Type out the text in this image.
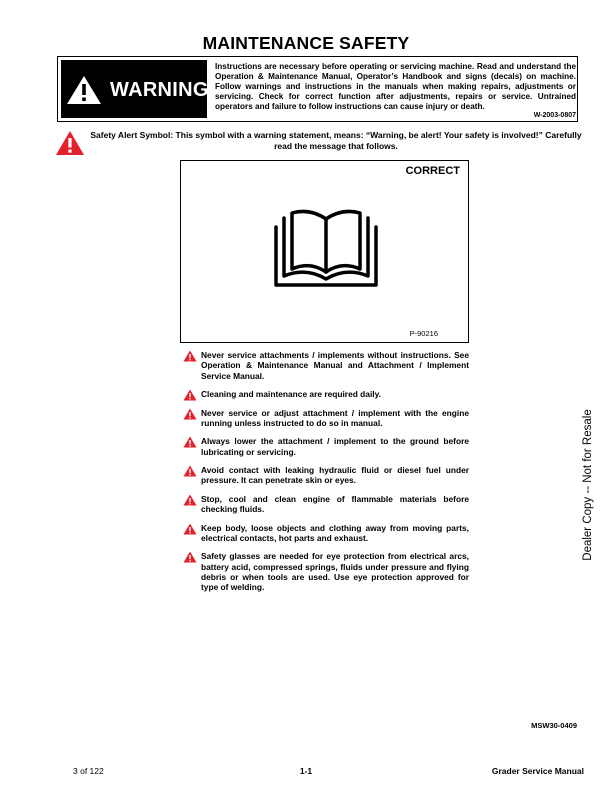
MAINTENANCE SAFETY
WARNING
Instructions are necessary before operating or servicing machine. Read and understand the Operation & Maintenance Manual, Operator’s Handbook and signs (decals) on machine. Follow warnings and instructions in the manuals when making repairs, adjustments or servicing. Check for correct function after adjustments, repairs or service. Untrained operators and failure to follow instructions can cause injury or death.
W-2003-0807
Safety Alert Symbol: This symbol with a warning statement, means: “Warning, be alert! Your safety is involved!” Carefully read the message that follows.
CORRECT
P-90216
Never service attachments / implements without instructions. See Operation & Maintenance Manual and Attachment / Implement Service Manual.
Cleaning and maintenance are required daily.
Never service or adjust attachment / implement with the engine running unless instructed to do so in manual.
Always lower the attachment / implement to the ground before lubricating or servicing.
Avoid contact with leaking hydraulic fluid or diesel fuel under pressure. It can penetrate skin or eyes.
Stop, cool and clean engine of flammable materials before checking fluids.
Keep body, loose objects and clothing away from moving parts, electrical contacts, hot parts and exhaust.
Safety glasses are needed for eye protection from electrical arcs, battery acid, compressed springs, fluids under pressure and flying debris or when tools are used. Use eye protection approved for type of welding.
Dealer Copy -- Not for Resale
MSW30-0409
3 of 122	1-1	Grader Service Manual
